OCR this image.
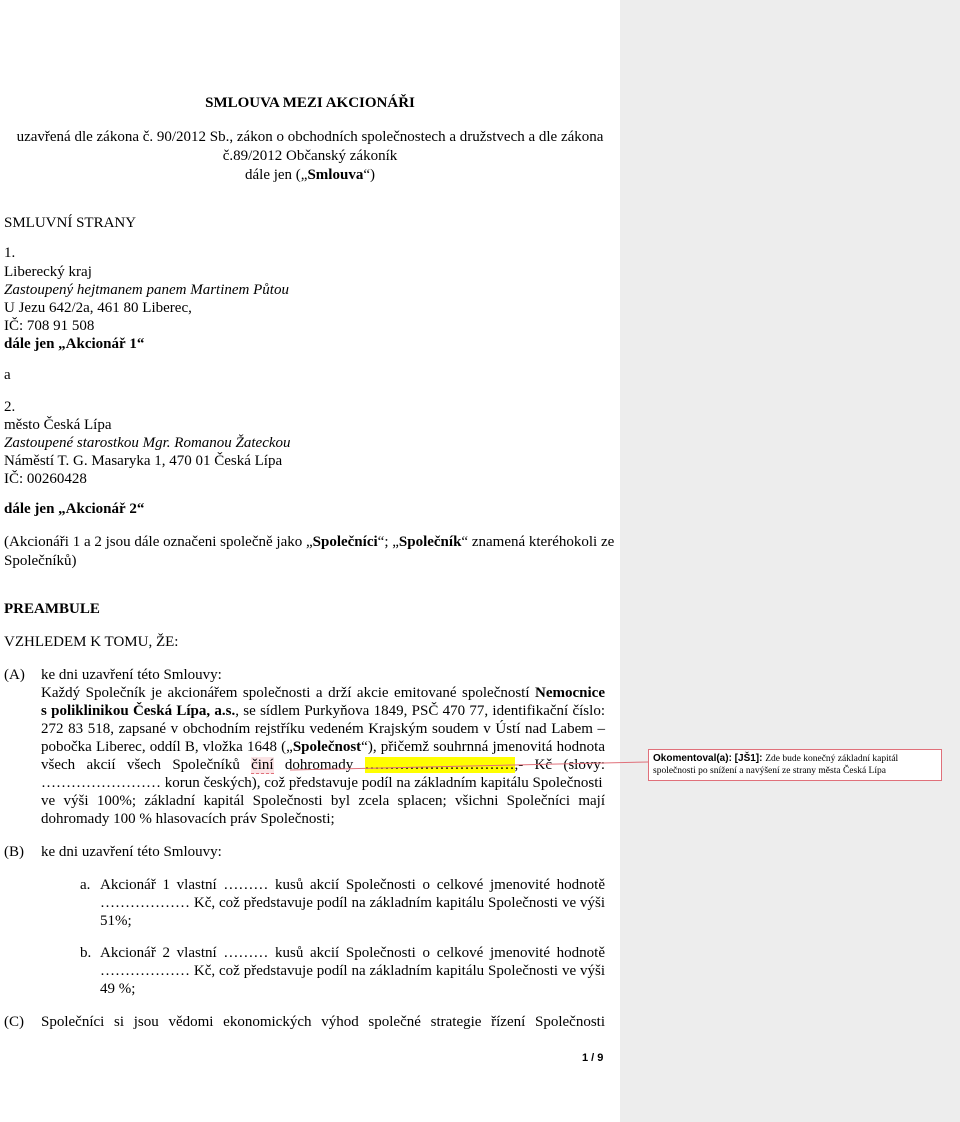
SMLOUVA MEZI AKCIONÁŘI
uzavřená dle zákona č. 90/2012 Sb., zákon o obchodních společnostech a družstvech a dle zákona
č.89/2012 Občanský zákoník
dále jen („Smlouva“)
SMLUVNÍ STRANY
1.
Liberecký kraj
Zastoupený hejtmanem panem Martinem Půtou
U Jezu 642/2a, 461 80 Liberec,
IČ: 708 91 508
dále jen „Akcionář 1“
a
2.
město Česká Lípa
Zastoupené starostkou Mgr. Romanou Žateckou
Náměstí T. G. Masaryka 1, 470 01 Česká Lípa
IČ: 00260428
dále jen „Akcionář 2“
(Akcionáři 1 a 2 jsou dále označeni společně jako „Společníci“; „Společník“ znamená kteréhokoli ze
Společníků)
PREAMBULE
VZHLEDEM K TOMU, ŽE:
(A) ke dni uzavření této Smlouvy:
Každý Společník je akcionářem společnosti a drží akcie emitované společností Nemocnice
s poliklinikou Česká Lípa, a.s., se sídlem Purkyňova 1849, PSČ 470 77, identifikační číslo:
272 83 518, zapsané v obchodním rejstříku vedeném Krajským soudem v Ústí nad Labem –
pobočka Liberec, oddíl B, vložka 1648 („Společnost“), přičemž souhrnná jmenovitá hodnota
všech akcií všech Společníků činí dohromady …………………………,- Kč (slovy:
…………………… korun českých), což představuje podíl na základním kapitálu Společnosti
ve výši 100%; základní kapitál Společnosti byl zcela splacen; všichni Společníci mají
dohromady 100 % hlasovacích práv Společnosti;
(B) ke dni uzavření této Smlouvy:
a. Akcionář 1 vlastní ……… kusů akcií Společnosti o celkové jmenovité hodnotě
……………… Kč, což představuje podíl na základním kapitálu Společnosti ve výši
51%;
b. Akcionář 2 vlastní ……… kusů akcií Společnosti o celkové jmenovité hodnotě
……………… Kč, což představuje podíl na základním kapitálu Společnosti ve výši
49 %;
(C) Společníci si jsou vědomi ekonomických výhod společné strategie řízení Společnosti
1 / 9
Okomentoval(a): [JŠ1]: Zde bude konečný základní kapitál společnosti po snížení a navýšení ze strany města Česká Lípa
